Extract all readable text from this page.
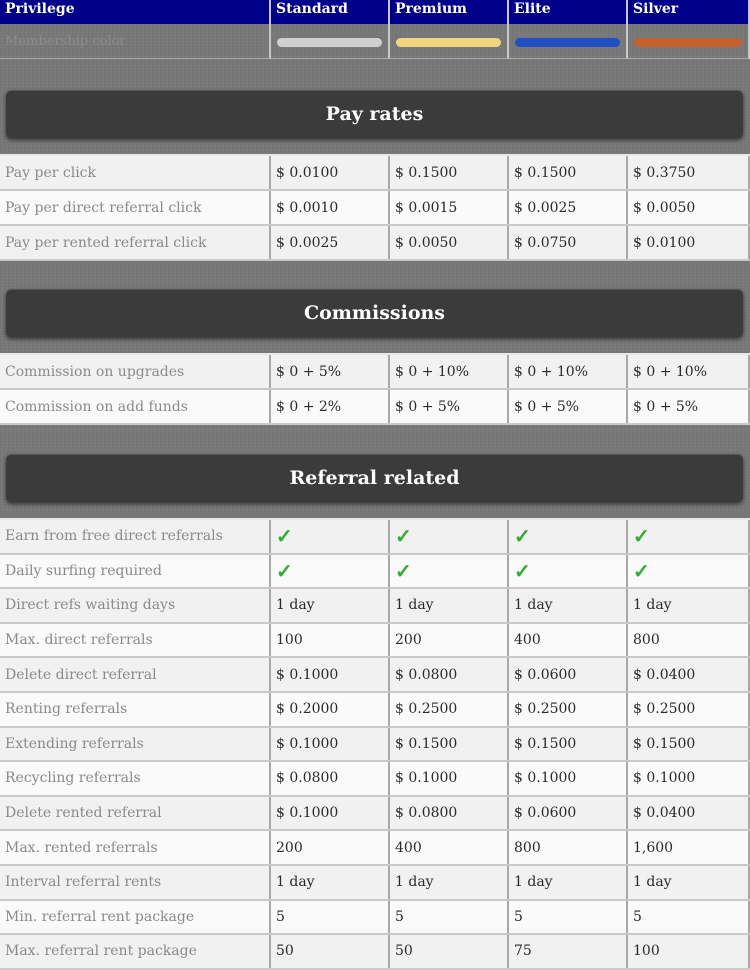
Privilege	Standard	Premium	Elite	Silver
Membership color
Pay rates
Pay per click	$ 0.0100	$ 0.1500	$ 0.1500	$ 0.3750
Pay per direct referral click	$ 0.0010	$ 0.0015	$ 0.0025	$ 0.0050
Pay per rented referral click	$ 0.0025	$ 0.0050	$ 0.0750	$ 0.0100
Commissions
Commission on upgrades	$ 0 + 5%	$ 0 + 10%	$ 0 + 10%	$ 0 + 10%
Commission on add funds	$ 0 + 2%	$ 0 + 5%	$ 0 + 5%	$ 0 + 5%
Referral related
Earn from free direct referrals	✓	✓	✓	✓
Daily surfing required	✓	✓	✓	✓
Direct refs waiting days	1 day	1 day	1 day	1 day
Max. direct referrals	100	200	400	800
Delete direct referral	$ 0.1000	$ 0.0800	$ 0.0600	$ 0.0400
Renting referrals	$ 0.2000	$ 0.2500	$ 0.2500	$ 0.2500
Extending referrals	$ 0.1000	$ 0.1500	$ 0.1500	$ 0.1500
Recycling referrals	$ 0.0800	$ 0.1000	$ 0.1000	$ 0.1000
Delete rented referral	$ 0.1000	$ 0.0800	$ 0.0600	$ 0.0400
Max. rented referrals	200	400	800	1,600
Interval referral rents	1 day	1 day	1 day	1 day
Min. referral rent package	5	5	5	5
Max. referral rent package	50	50	75	100
